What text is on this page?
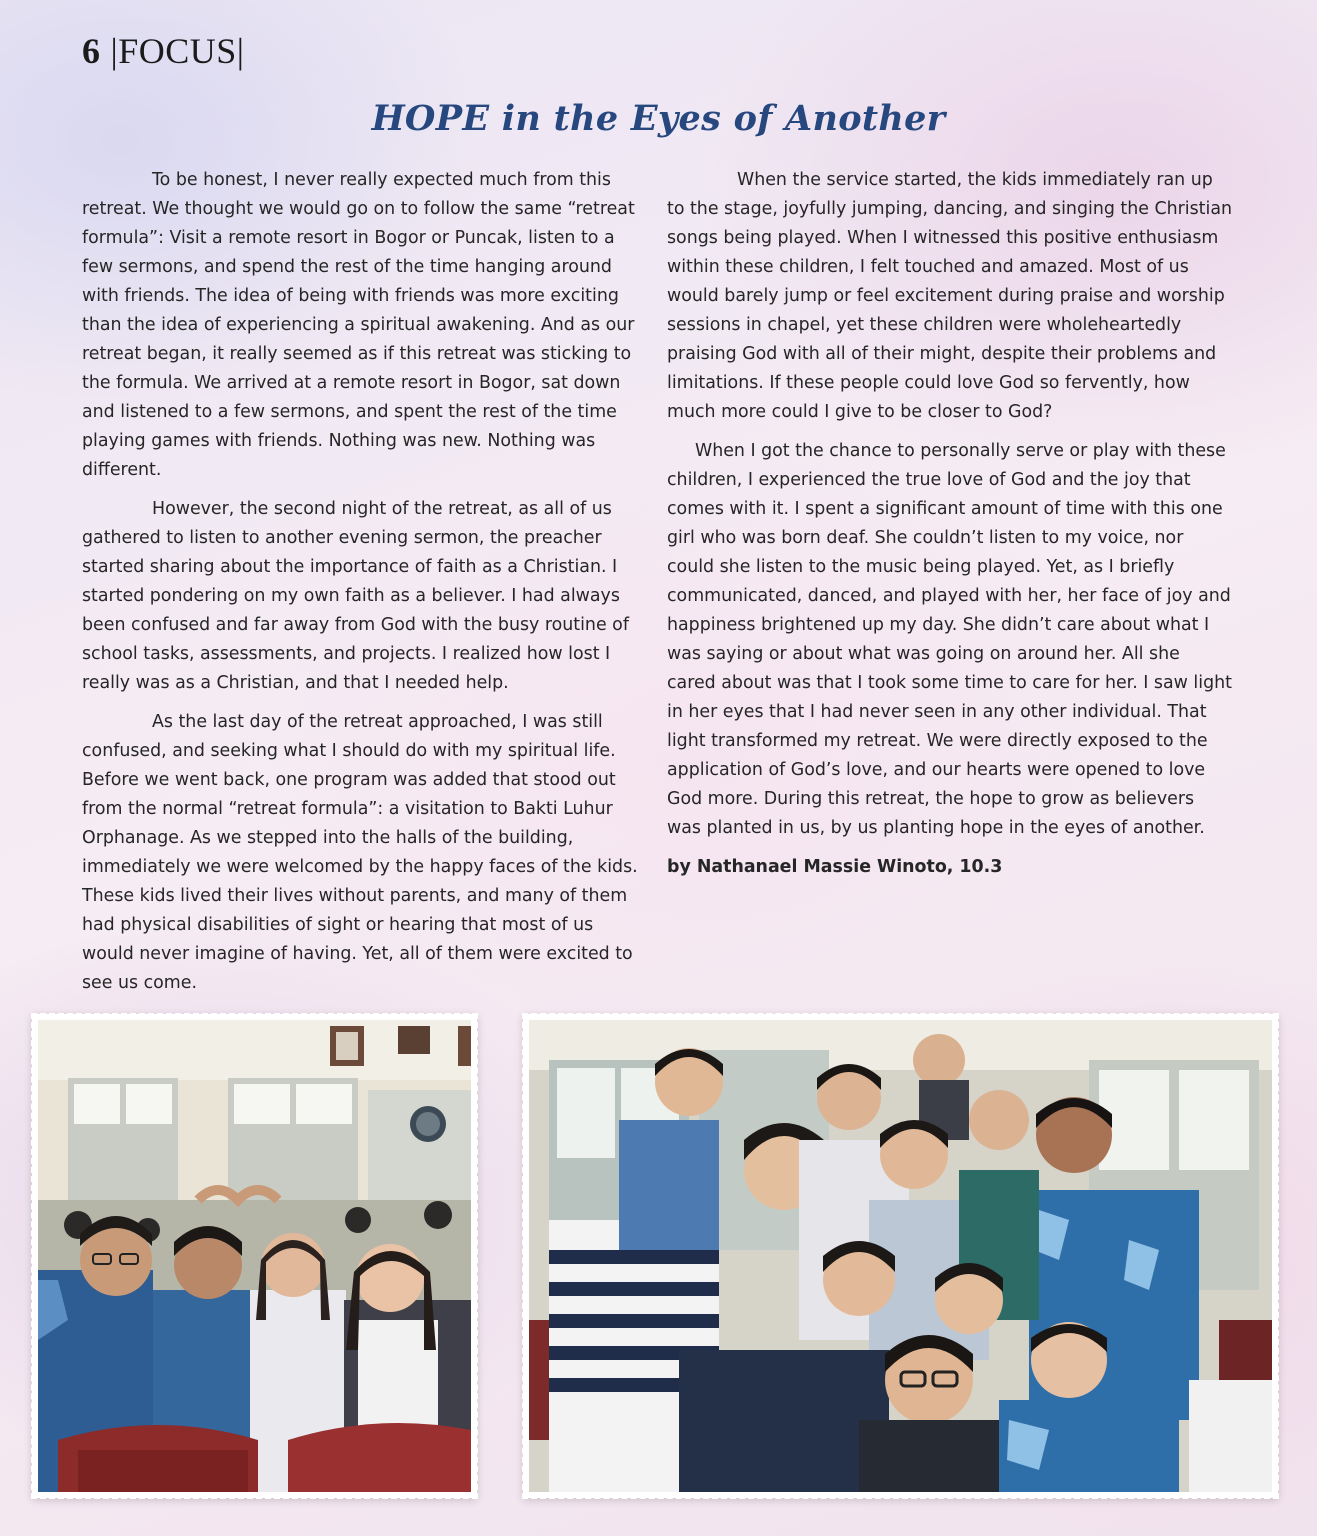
6 |FOCUS|
HOPE in the Eyes of Another

To be honest, I never really expected much from this retreat. We thought we would go on to follow the same “retreat formula”: Visit a remote resort in Bogor or Puncak, listen to a few sermons, and spend the rest of the time hanging around with friends. The idea of being with friends was more exciting than the idea of experiencing a spiritual awakening. And as our retreat began, it really seemed as if this retreat was sticking to the formula. We arrived at a remote resort in Bogor, sat down and listened to a few sermons, and spent the rest of the time playing games with friends. Nothing was new. Nothing was different.

However, the second night of the retreat, as all of us gathered to listen to another evening sermon, the preacher started sharing about the importance of faith as a Christian. I started pondering on my own faith as a believer. I had always been confused and far away from God with the busy routine of school tasks, assessments, and projects. I realized how lost I really was as a Christian, and that I needed help.

As the last day of the retreat approached, I was still confused, and seeking what I should do with my spiritual life. Before we went back, one program was added that stood out from the normal “retreat formula”: a visitation to Bakti Luhur Orphanage. As we stepped into the halls of the building, immediately we were welcomed by the happy faces of the kids. These kids lived their lives without parents, and many of them had physical disabilities of sight or hearing that most of us would never imagine of having. Yet, all of them were excited to see us come.

When the service started, the kids immediately ran up to the stage, joyfully jumping, dancing, and singing the Christian songs being played. When I witnessed this positive enthusiasm within these children, I felt touched and amazed. Most of us would barely jump or feel excitement during praise and worship sessions in chapel, yet these children were wholeheartedly praising God with all of their might, despite their problems and limitations. If these people could love God so fervently, how much more could I give to be closer to God?

When I got the chance to personally serve or play with these children, I experienced the true love of God and the joy that comes with it. I spent a significant amount of time with this one girl who was born deaf. She couldn’t listen to my voice, nor could she listen to the music being played. Yet, as I briefly communicated, danced, and played with her, her face of joy and happiness brightened up my day. She didn’t care about what I was saying or about what was going on around her. All she cared about was that I took some time to care for her. I saw light in her eyes that I had never seen in any other individual. That light transformed my retreat. We were directly exposed to the application of God’s love, and our hearts were opened to love God more. During this retreat, the hope to grow as believers was planted in us, by us planting hope in the eyes of another.

by Nathanael Massie Winoto, 10.3
